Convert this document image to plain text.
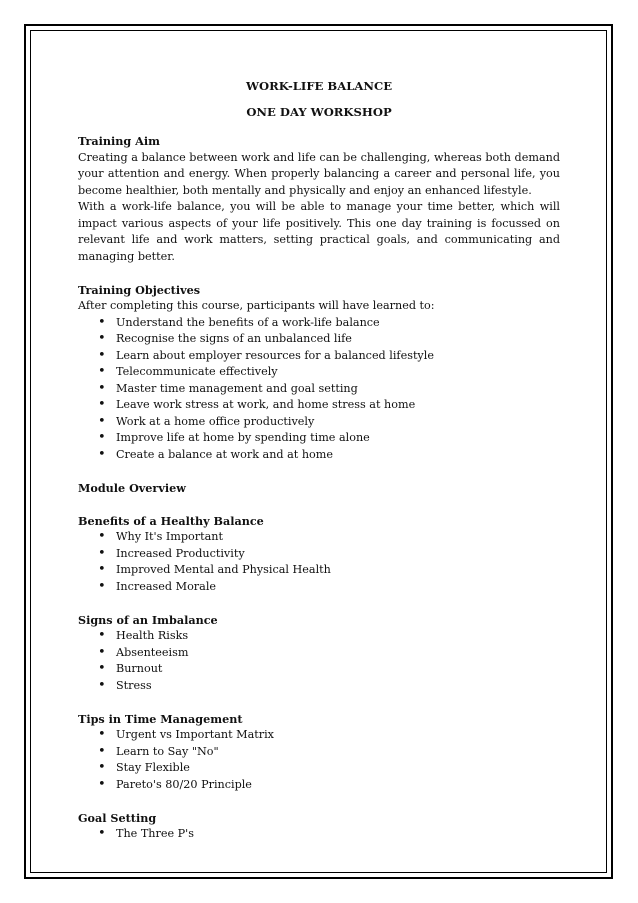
WORK-LIFE BALANCE

ONE DAY WORKSHOP

Training Aim

Creating a balance between work and life can be challenging, whereas both demand your attention and energy. When properly balancing a career and personal life, you become healthier, both mentally and physically and enjoy an enhanced lifestyle.

With a work-life balance, you will be able to manage your time better, which will impact various aspects of your life positively. This one day training is focussed on relevant life and work matters, setting practical goals, and communicating and managing better.

Training Objectives

After completing this course, participants will have learned to:

• Understand the benefits of a work-life balance
• Recognise the signs of an unbalanced life
• Learn about employer resources for a balanced lifestyle
• Telecommunicate effectively
• Master time management and goal setting
• Leave work stress at work, and home stress at home
• Work at a home office productively
• Improve life at home by spending time alone
• Create a balance at work and at home

Module Overview

Benefits of a Healthy Balance

• Why It's Important
• Increased Productivity
• Improved Mental and Physical Health
• Increased Morale

Signs of an Imbalance

• Health Risks
• Absenteeism
• Burnout
• Stress

Tips in Time Management

• Urgent vs Important Matrix
• Learn to Say "No"
• Stay Flexible
• Pareto's 80/20 Principle

Goal Setting

• The Three P's
